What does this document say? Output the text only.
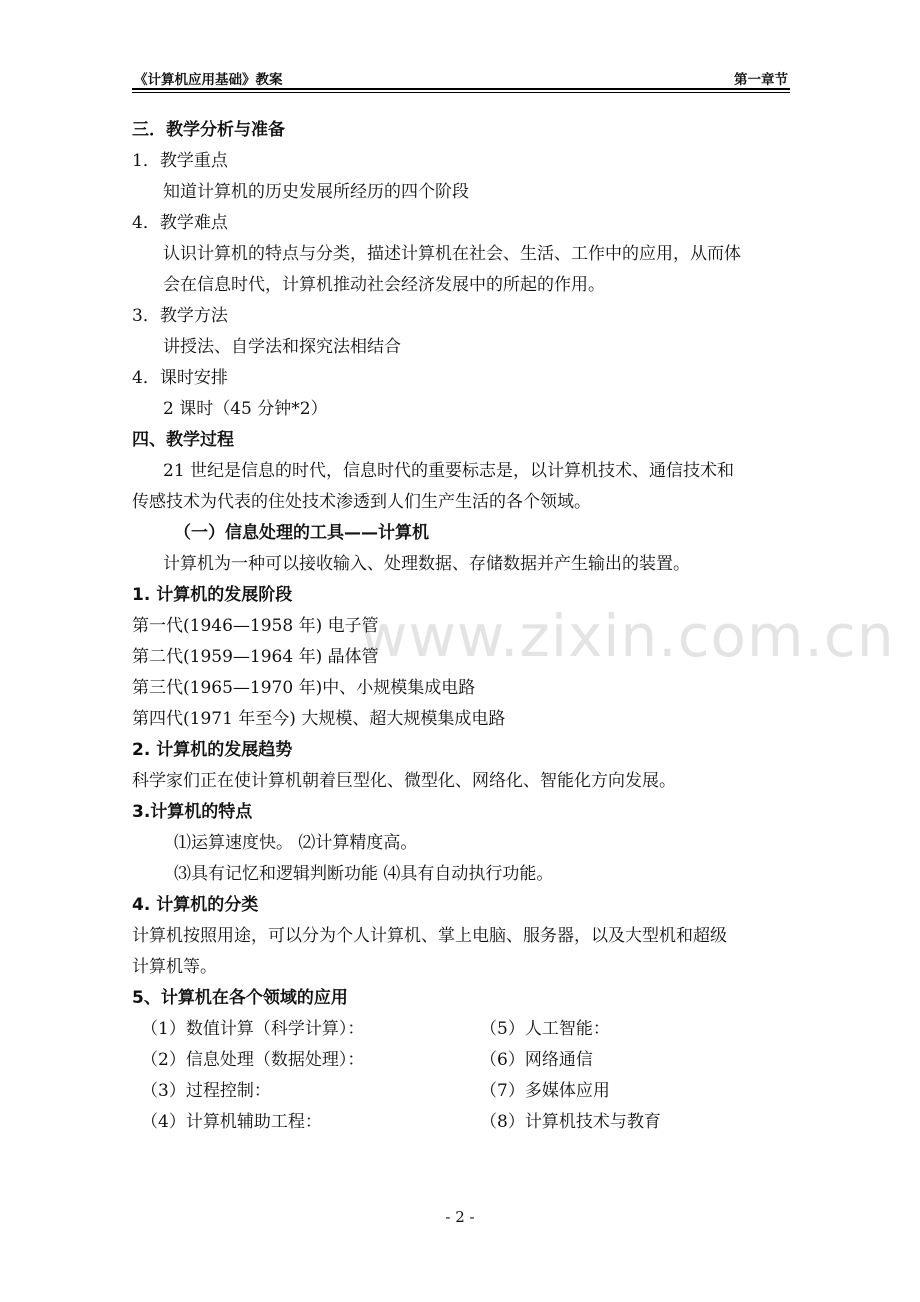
《计算机应用基础》教案	第一章节
www.zixin.com.cn
三．教学分析与准备
1．教学重点
知道计算机的历史发展所经历的四个阶段
4．教学难点
认识计算机的特点与分类，描述计算机在社会、生活、工作中的应用，从而体
会在信息时代，计算机推动社会经济发展中的所起的作用。
3．教学方法
讲授法、自学法和探究法相结合
4．课时安排
2 课时（45 分钟*2）
四、教学过程
21 世纪是信息的时代，信息时代的重要标志是，以计算机技术、通信技术和
传感技术为代表的住处技术渗透到人们生产生活的各个领域。
（一）信息处理的工具——计算机
计算机为一种可以接收输入、处理数据、存储数据并产生输出的装置。
1. 计算机的发展阶段
第一代(1946—1958 年) 电子管
第二代(1959—1964 年) 晶体管
第三代(1965—1970 年)中、小规模集成电路
第四代(1971 年至今) 大规模、超大规模集成电路
2. 计算机的发展趋势
科学家们正在使计算机朝着巨型化、微型化、网络化、智能化方向发展。
3.计算机的特点
⑴运算速度快。 ⑵计算精度高。
⑶具有记忆和逻辑判断功能 ⑷具有自动执行功能。
4. 计算机的分类
计算机按照用途，可以分为个人计算机、掌上电脑、服务器，以及大型机和超级
计算机等。
5、计算机在各个领域的应用
（1）数值计算（科学计算）：
（2）信息处理（数据处理）：
（3）过程控制：
（4）计算机辅助工程：
（5）人工智能：
（6）网络通信
（7）多媒体应用
（8）计算机技术与教育
- 2 -
